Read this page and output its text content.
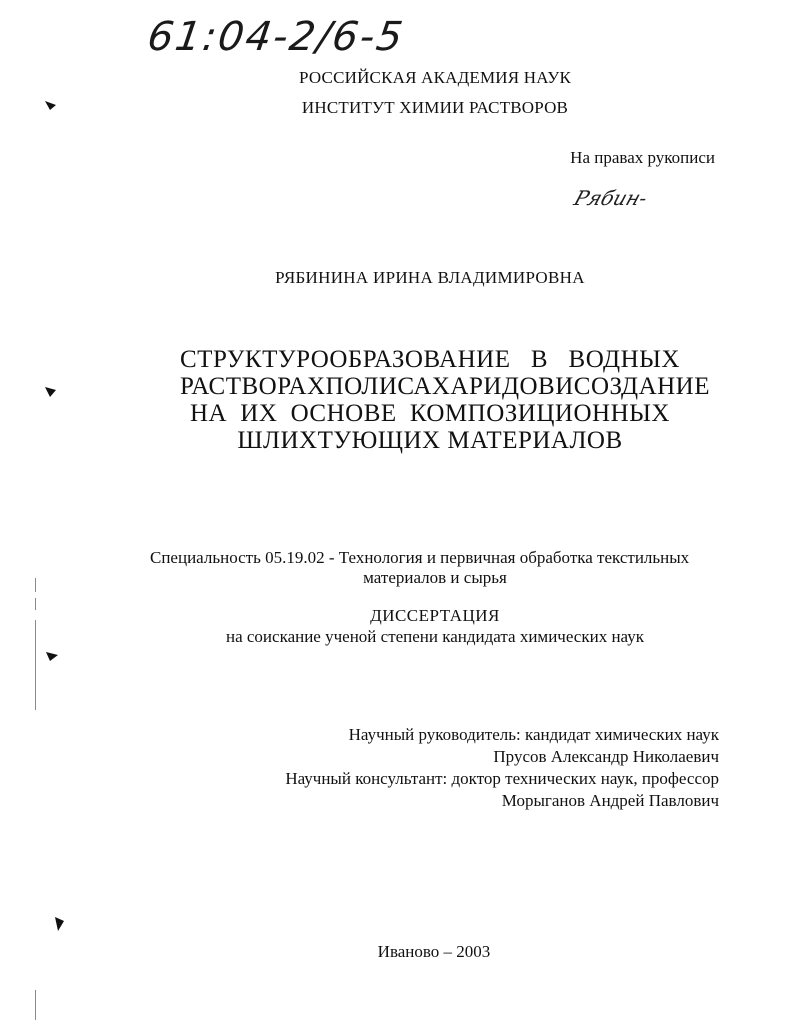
61:04-2/6-5
РОССИЙСКАЯ АКАДЕМИЯ НАУК
ИНСТИТУТ ХИМИИ РАСТВОРОВ
На правах рукописи
Рябин-
РЯБИНИНА ИРИНА ВЛАДИМИРОВНА
СТРУКТУРООБРАЗОВАНИЕ В ВОДНЫХ
РАСТВОРАХ ПОЛИСАХАРИДОВ И СОЗДАНИЕ
НА ИХ ОСНОВЕ КОМПОЗИЦИОННЫХ
ШЛИХТУЮЩИХ МАТЕРИАЛОВ
Специальность 05.19.02 - Технология и первичная обработка текстильных
материалов и сырья
ДИССЕРТАЦИЯ
на соискание ученой степени кандидата химических наук
Научный руководитель: кандидат химических наук
Прусов Александр Николаевич
Научный консультант: доктор технических наук, профессор
Морыганов Андрей Павлович
Иваново – 2003
